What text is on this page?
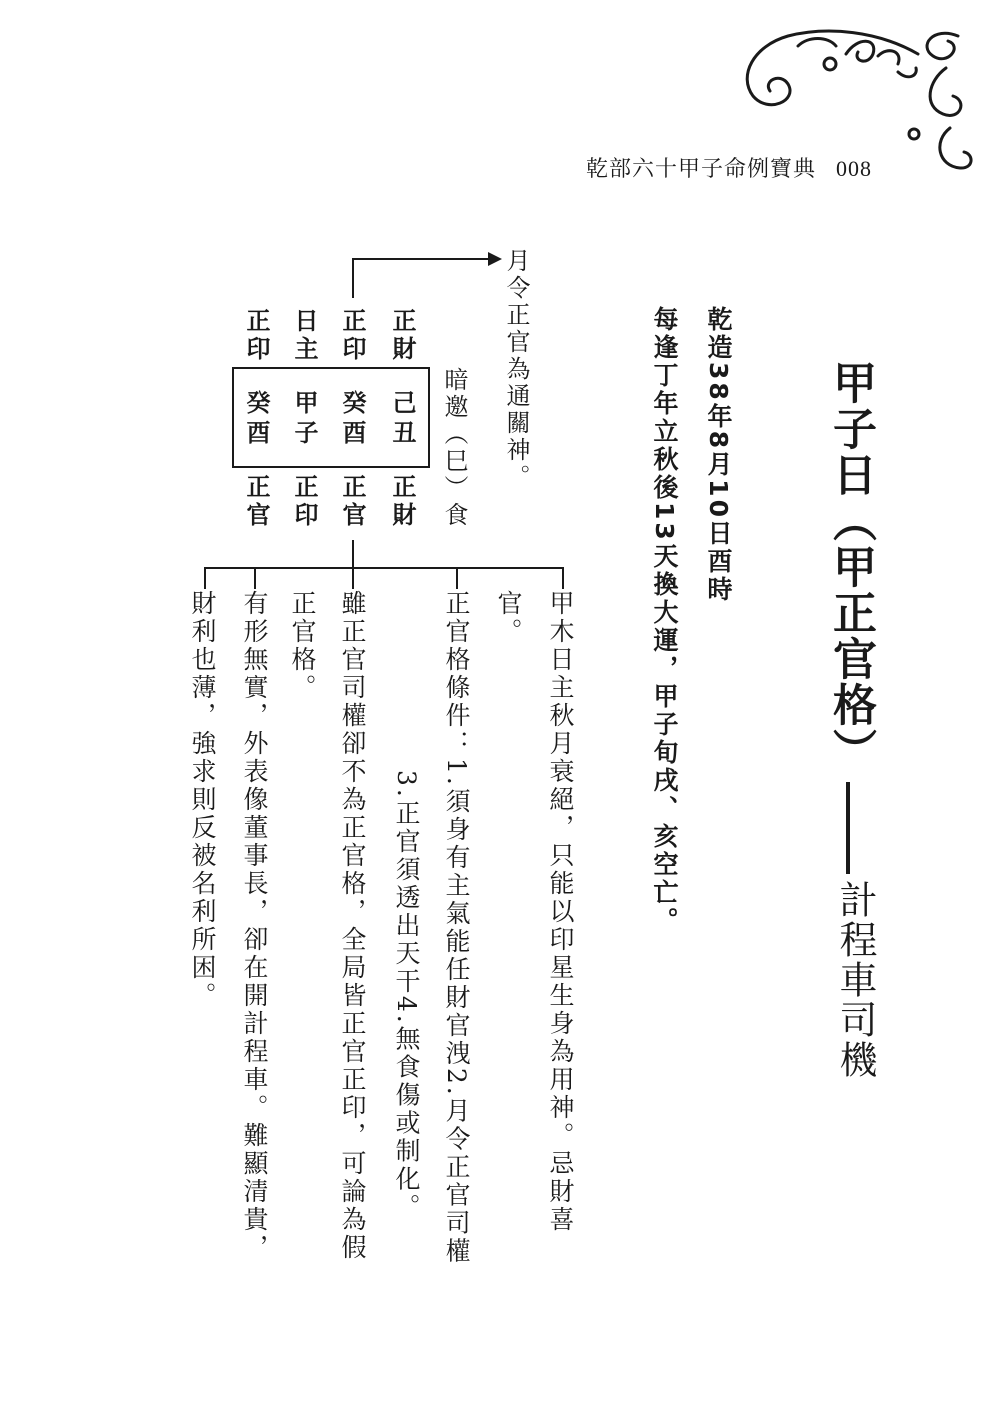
乾部六十甲子命例寶典 008
甲子日（甲正官格）
計程車司機
乾造38年8月10日酉時
每逢丁年立秋後13天換大運，甲子旬戌、亥空亡。
月令正官為通關神。
暗邀（巳）食
正財
己
丑
正財
正印
癸
酉
正官
日主
甲
子
正印
正印
癸
酉
正官
甲木日主秋月衰絕，只能以印星生身為用神。忌財喜
官。
正官格條件：1.須身有主氣能任財官洩2.月令正官司權
3.正官須透出天干4.無食傷或制化。
雖正官司權卻不為正官格，全局皆正官正印，可論為假
正官格。
有形無實，外表像董事長，卻在開計程車。難顯清貴，
財利也薄，強求則反被名利所困。
